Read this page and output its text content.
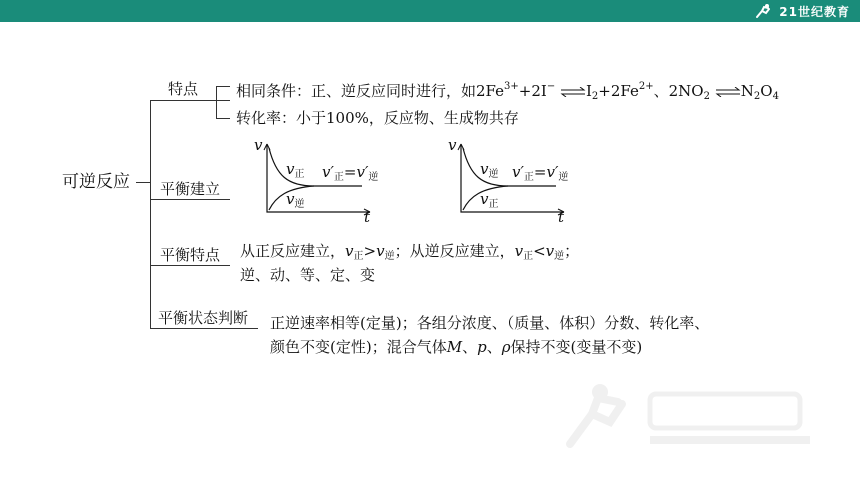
21世纪教育
可逆反应
特点
平衡建立
平衡特点
平衡状态判断
相同条件：正、逆反应同时进行，如$2Fe^{3+}+2I^-$ $\rightleftharpoons I_2+2Fe^{2+}$、$2NO_2$ $\rightleftharpoons N_2O_4$
转化率：小于100%，反应物、生成物共存
v
t
$v_正$
$v_逆$
$v'_正=v'_逆$
v
t
$v_逆$
$v_正$
$v'_正=v'_逆$
从正反应建立，$v_正>v_逆$；从逆反应建立，$v_正<v_逆$；
逆、动、等、定、变
正逆速率相等(定量)；各组分浓度、（质量、体积）分数、转化率、
颜色不变(定性)；混合气体M、p、ρ保持不变(变量不变)
